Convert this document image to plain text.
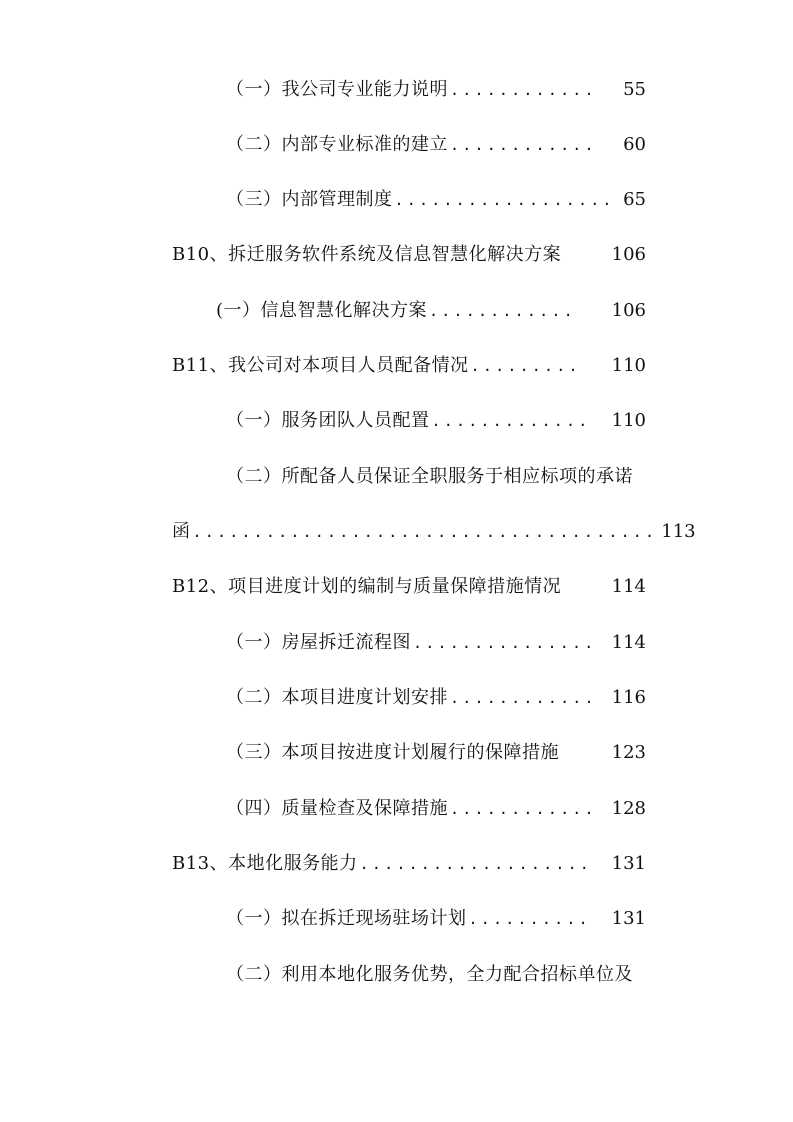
（一）我公司专业能力说明 ............	55
（二）内部专业标准的建立 ............	60
（三）内部管理制度 .................. 65
B10、拆迁服务软件系统及信息智慧化解决方案	106
(一）信息智慧化解决方案 ............	106
B11、我公司对本项目人员配备情况 .........	110
（一）服务团队人员配置 .............	110
（二）所配备人员保证全职服务于相应标项的承诺
函 ...................................... 113
B12、项目进度计划的编制与质量保障措施情况	114
（一）房屋拆迁流程图 ............... 114
（二）本项目进度计划安排 ............ 116
（三）本项目按进度计划履行的保障措施	123
（四）质量检查及保障措施 ............ 128
B13、本地化服务能力 ...................	131
（一）拟在拆迁现场驻场计划 ..........	131
（二）利用本地化服务优势，全力配合招标单位及
